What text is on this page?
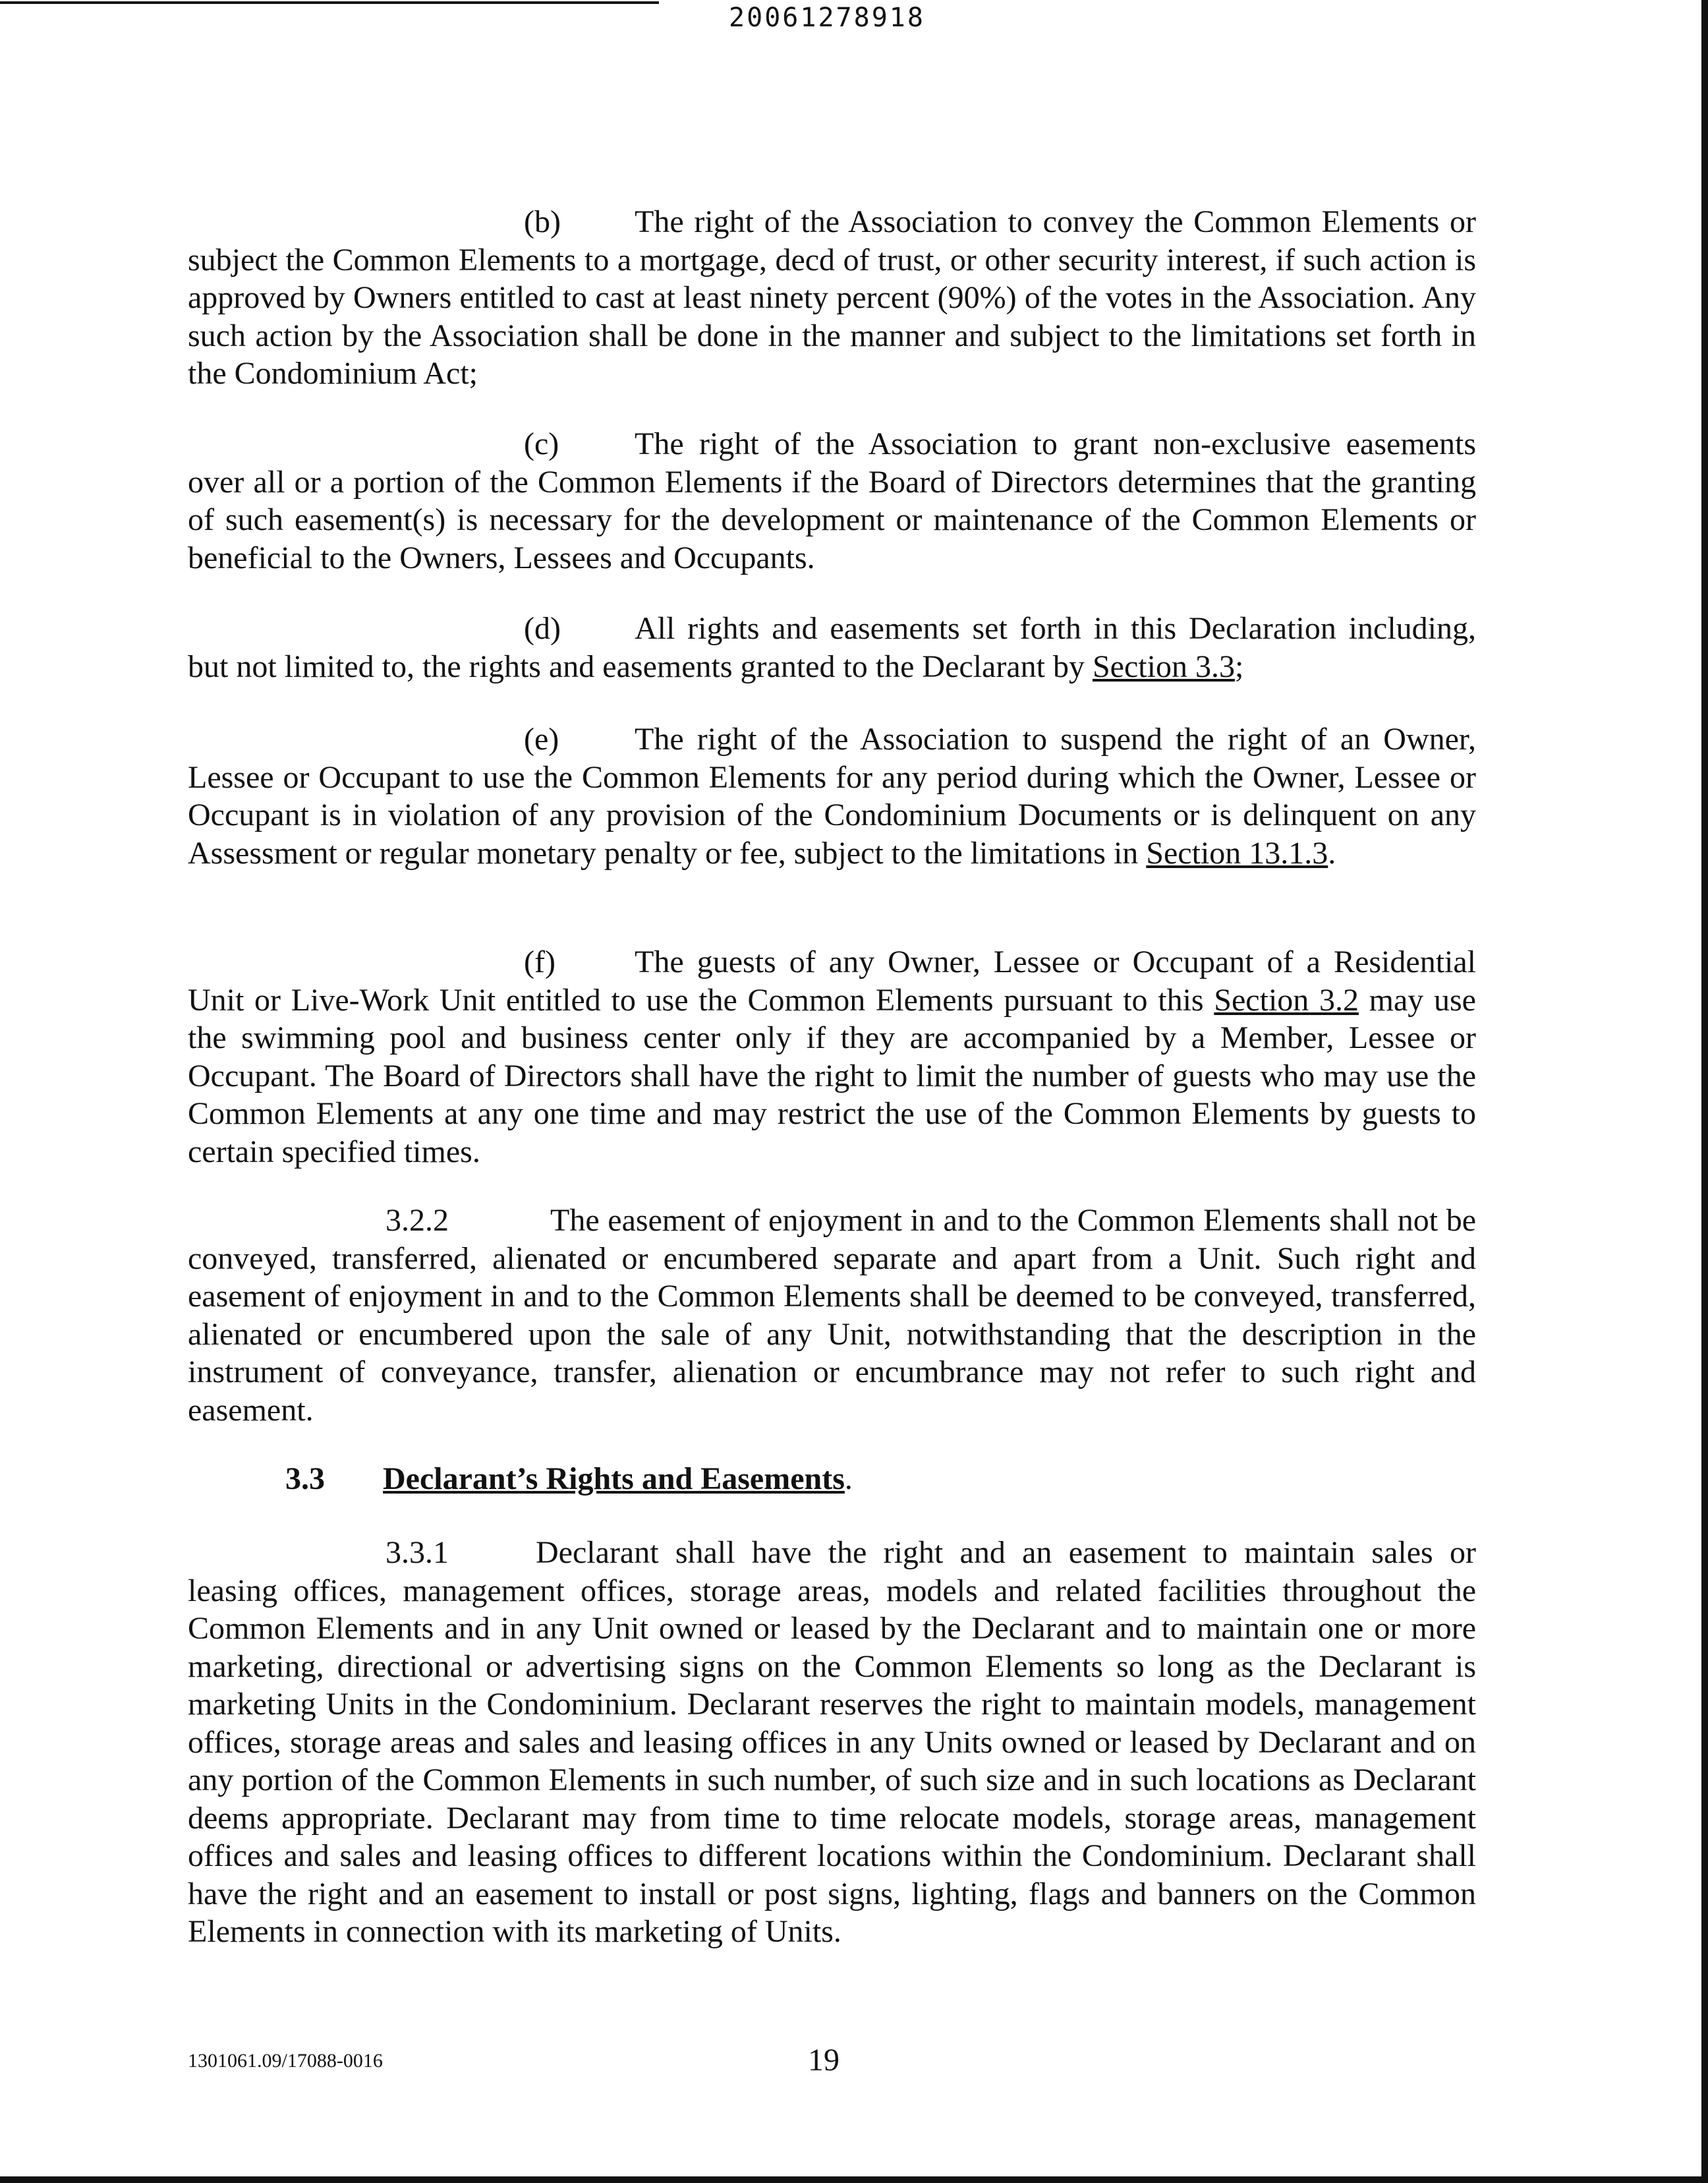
20061278918

(b) The right of the Association to convey the Common Elements or subject the Common Elements to a mortgage, decd of trust, or other security interest, if such action is approved by Owners entitled to cast at least ninety percent (90%) of the votes in the Association. Any such action by the Association shall be done in the manner and subject to the limitations set forth in the Condominium Act;

(c) The right of the Association to grant non-exclusive easements over all or a portion of the Common Elements if the Board of Directors determines that the granting of such easement(s) is necessary for the development or maintenance of the Common Elements or beneficial to the Owners, Lessees and Occupants.

(d) All rights and easements set forth in this Declaration including, but not limited to, the rights and easements granted to the Declarant by Section 3.3;

(e) The right of the Association to suspend the right of an Owner, Lessee or Occupant to use the Common Elements for any period during which the Owner, Lessee or Occupant is in violation of any provision of the Condominium Documents or is delinquent on any Assessment or regular monetary penalty or fee, subject to the limitations in Section 13.1.3.

(f)	The guests of any Owner, Lessee or Occupant of a Residential Unit or Live-Work Unit entitled to use the Common Elements pursuant to this Section 3.2 may use the swimming pool and business center only if they are accompanied by a Member, Lessee or Occupant. The Board of Directors shall have the right to limit the number of guests who may use the Common Elements at any one time and may restrict the use of the Common Elements by guests to certain specified times.

3.2.2	The easement of enjoyment in and to the Common Elements shall not be conveyed, transferred, alienated or encumbered separate and apart from a Unit. Such right and easement of enjoyment in and to the Common Elements shall be deemed to be conveyed, transferred, alienated or encumbered upon the sale of any Unit, notwithstanding that the description in the instrument of conveyance, transfer, alienation or encumbrance may not refer to such right and easement.

3.3 Declarant’s Rights and Easements.

3.3.1	Declarant shall have the right and an easement to maintain sales or leasing offices, management offices, storage areas, models and related facilities throughout the Common Elements and in any Unit owned or leased by the Declarant and to maintain one or more marketing, directional or advertising signs on the Common Elements so long as the Declarant is marketing Units in the Condominium. Declarant reserves the right to maintain models, management offices, storage areas and sales and leasing offices in any Units owned or leased by Declarant and on any portion of the Common Elements in such number, of such size and in such locations as Declarant deems appropriate. Declarant may from time to time relocate models, storage areas, management offices and sales and leasing offices to different locations within the Condominium. Declarant shall have the right and an easement to install or post signs, lighting, flags and banners on the Common Elements in connection with its marketing of Units.

1301061.09/17088-0016	19
